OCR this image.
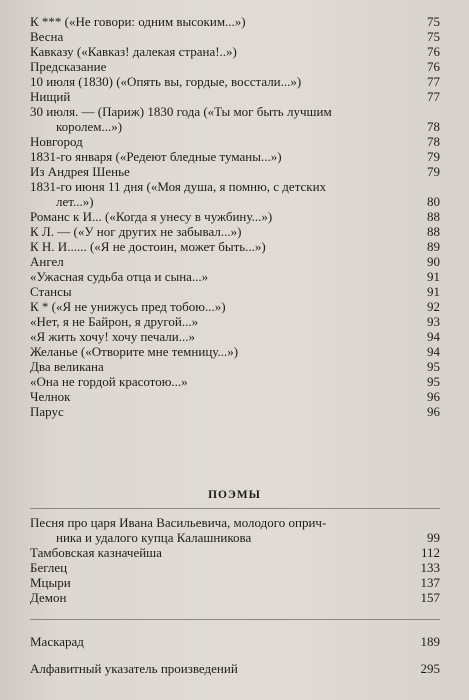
К *** («Не говори: одним высоким...»)	75
Весна	75
Кавказу («Кавказ! далекая страна!..»)	76
Предсказание	76
10 июля (1830) («Опять вы, гордые, восстали...»)	77
Нищий	77
30 июля. — (Париж) 1830 года («Ты мог быть лучшим
королем...»)	78
Новгород	78
1831-го января («Редеют бледные туманы...»)	79
Из Андрея Шенье	79
1831-го июня 11 дня («Моя душа, я помню, с детских
лет...»)	80
Романс к И... («Когда я унесу в чужбину...»)	88
К Л. — («У ног других не забывал...»)	88
К Н. И...... («Я не достоин, может быть...»)	89
Ангел	90
«Ужасная судьба отца и сына...»	91
Стансы	91
К * («Я не унижусь пред тобою...»)	92
«Нет, я не Байрон, я другой...»	93
«Я жить хочу! хочу печали...»	94
Желанье («Отворите мне темницу...»)	94
Два великана	95
«Она не гордой красотою...»	95
Челнок	96
Парус	96
ПОЭМЫ
Песня про царя Ивана Васильевича, молодого оприч-
ника и удалого купца Калашникова	99
Тамбовская казначейша	112
Беглец	133
Мцыри	137
Демон	157
Маскарад	189
Алфавитный указатель произведений	295
